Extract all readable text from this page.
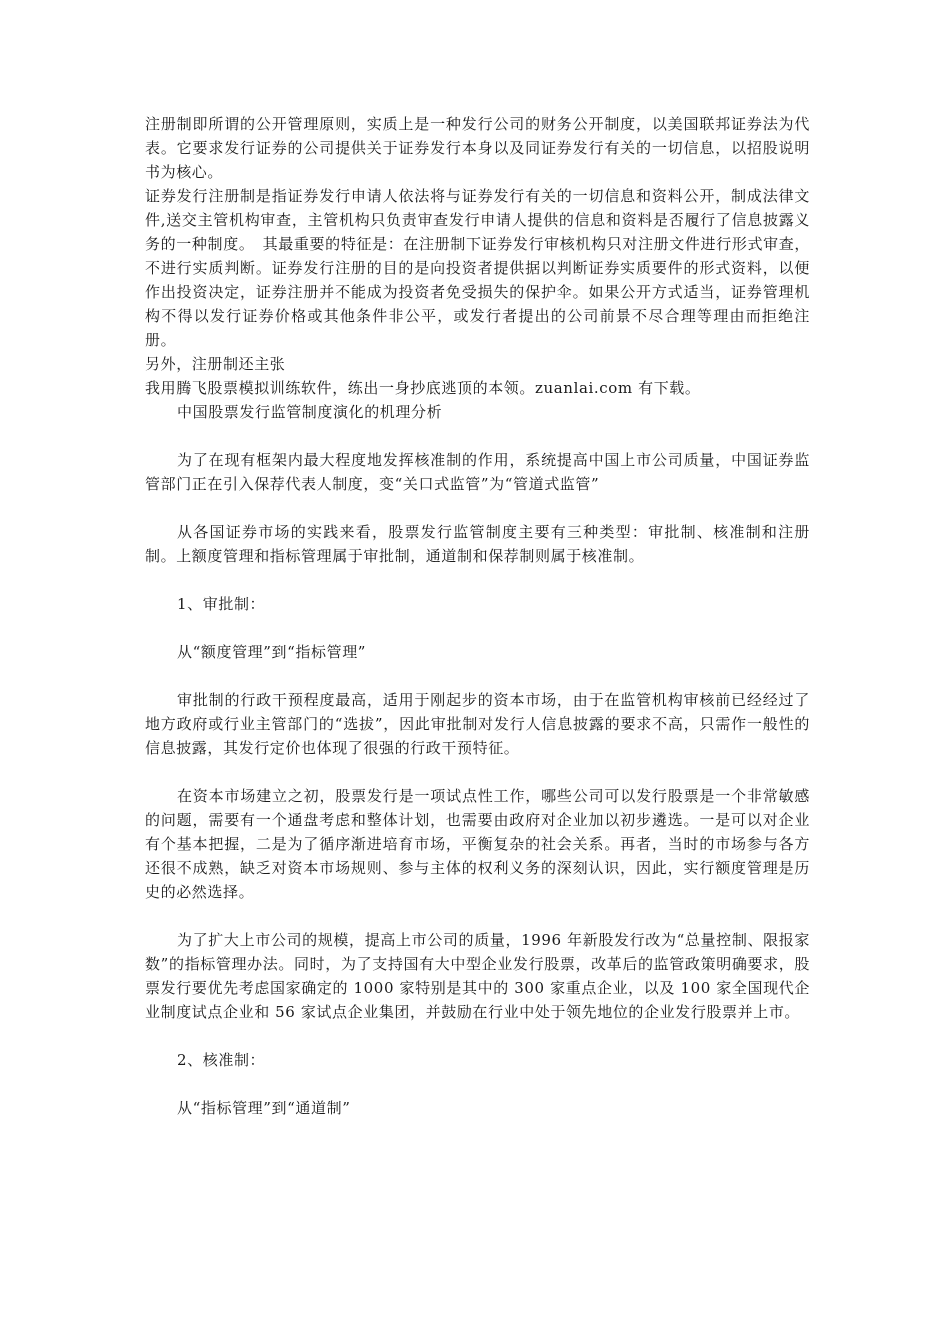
注册制即所谓的公开管理原则，实质上是一种发行公司的财务公开制度，以美国联邦证券法为代表。它要求发行证券的公司提供关于证券发行本身以及同证券发行有关的一切信息，以招股说明书为核心。

证券发行注册制是指证券发行申请人依法将与证券发行有关的一切信息和资料公开，制成法律文件,送交主管机构审查，主管机构只负责审查发行申请人提供的信息和资料是否履行了信息披露义务的一种制度。　其最重要的特征是：在注册制下证券发行审核机构只对注册文件进行形式审查，不进行实质判断。证券发行注册的目的是向投资者提供据以判断证券实质要件的形式资料，以便作出投资决定，证券注册并不能成为投资者免受损失的保护伞。如果公开方式适当，证券管理机构不得以发行证券价格或其他条件非公平，或发行者提出的公司前景不尽合理等理由而拒绝注册。

另外，注册制还主张

我用腾飞股票模拟训练软件，练出一身抄底逃顶的本领。zuanlai.com 有下载。

中国股票发行监管制度演化的机理分析

为了在现有框架内最大程度地发挥核准制的作用，系统提高中国上市公司质量，中国证券监管部门正在引入保荐代表人制度，变“关口式监管”为“管道式监管”

从各国证券市场的实践来看，股票发行监管制度主要有三种类型：审批制、核准制和注册制。上额度管理和指标管理属于审批制，通道制和保荐制则属于核准制。

1、审批制：

从“额度管理”到“指标管理”

审批制的行政干预程度最高，适用于刚起步的资本市场，由于在监管机构审核前已经经过了地方政府或行业主管部门的“选拔”，因此审批制对发行人信息披露的要求不高，只需作一般性的信息披露，其发行定价也体现了很强的行政干预特征。

在资本市场建立之初，股票发行是一项试点性工作，哪些公司可以发行股票是一个非常敏感的问题，需要有一个通盘考虑和整体计划，也需要由政府对企业加以初步遴选。一是可以对企业有个基本把握，二是为了循序渐进培育市场，平衡复杂的社会关系。再者，当时的市场参与各方还很不成熟，缺乏对资本市场规则、参与主体的权利义务的深刻认识，因此，实行额度管理是历史的必然选择。

为了扩大上市公司的规模，提高上市公司的质量，1996 年新股发行改为“总量控制、限报家数”的指标管理办法。同时，为了支持国有大中型企业发行股票，改革后的监管政策明确要求，股票发行要优先考虑国家确定的 1000 家特别是其中的 300 家重点企业，以及 100 家全国现代企业制度试点企业和 56 家试点企业集团，并鼓励在行业中处于领先地位的企业发行股票并上市。

2、核准制：

从“指标管理”到“通道制”
